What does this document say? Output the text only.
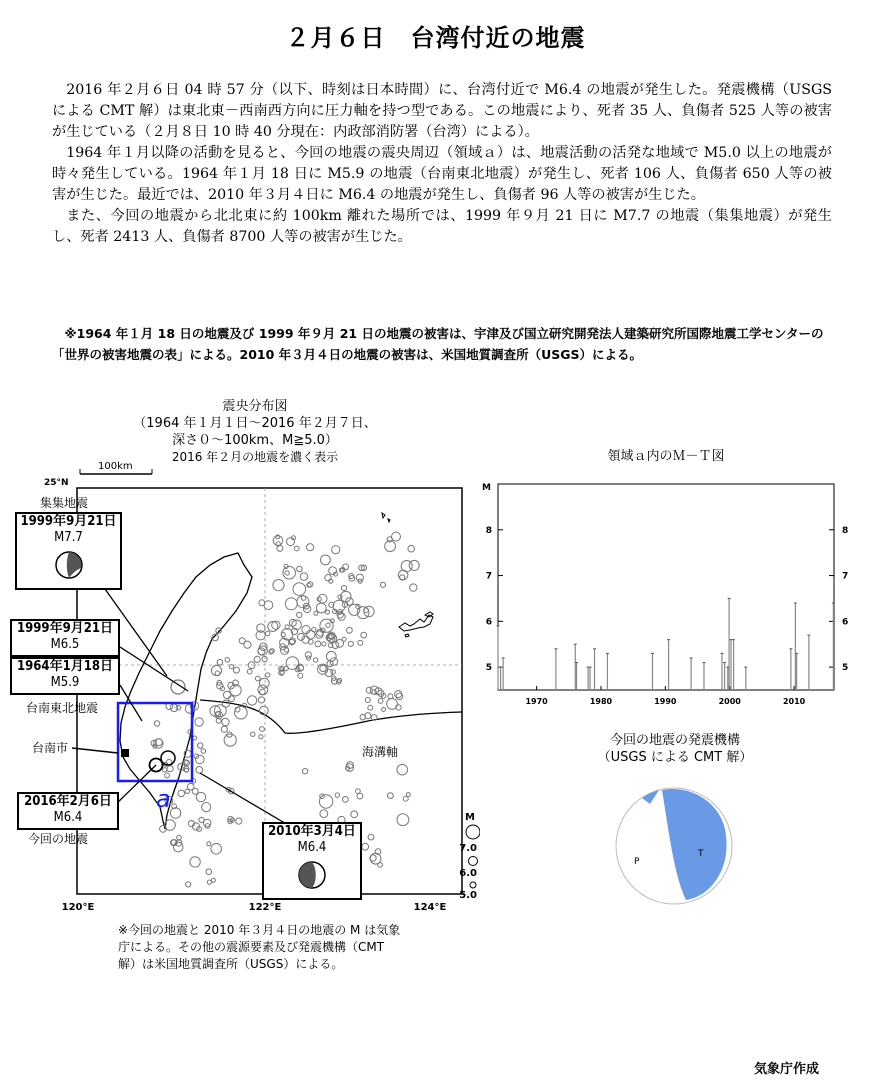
２月６日　台湾付近の地震

2016 年２月６日 04 時 57 分（以下、時刻は日本時間）に、台湾付近で M6.4 の地震が発生した。発震機構（USGS による CMT 解）は東北東－西南西方向に圧力軸を持つ型である。この地震により、死者 35 人、負傷者 525 人等の被害が生じている（２月８日 10 時 40 分現在：内政部消防署（台湾）による）。

1964 年１月以降の活動を見ると、今回の地震の震央周辺（領域ａ）は、地震活動の活発な地域で M5.0 以上の地震が時々発生している。1964 年１月 18 日に M5.9 の地震（台南東北地震）が発生し、死者 106 人、負傷者 650 人等の被害が生じた。最近では、2010 年３月４日に M6.4 の地震が発生し、負傷者 96 人等の被害が生じた。

また、今回の地震から北北東に約 100km 離れた場所では、1999 年９月 21 日に M7.7 の地震（集集地震）が発生し、死者 2413 人、負傷者 8700 人等の被害が生じた。

※1964 年１月 18 日の地震及び 1999 年９月 21 日の地震の被害は、宇津及び国立研究開発法人建築研究所国際地震工学センターの「世界の被害地震の表」による。2010 年３月４日の地震の被害は、米国地質調査所（USGS）による。

震央分布図
（1964 年１月１日～2016 年２月７日、
深さ０～100km、M≧5.0）
2016 年２月の地震を濃く表示
100km
25°N
海溝軸
a
台南市
120°E	122°E	124°E
M
7.0
6.0
5.0
集集地震
1999年9月21日
M7.7
1999年9月21日
M6.5
1964年1月18日
M5.9
台南東北地震
2016年2月6日
M6.4
今回の地震	2010年3月4日
M6.4
※今回の地震と 2010 年３月４日の地震の M は気象
庁による。その他の震源要素及び発震機構（CMT
解）は米国地質調査所（USGS）による。
領域ａ内のＭ－Ｔ図
M
5	5
6	6
7	7
8	8
1970	1980	1990	2000	2010
今回の地震の発震機構
（USGS による CMT 解）
P
T
気象庁作成
